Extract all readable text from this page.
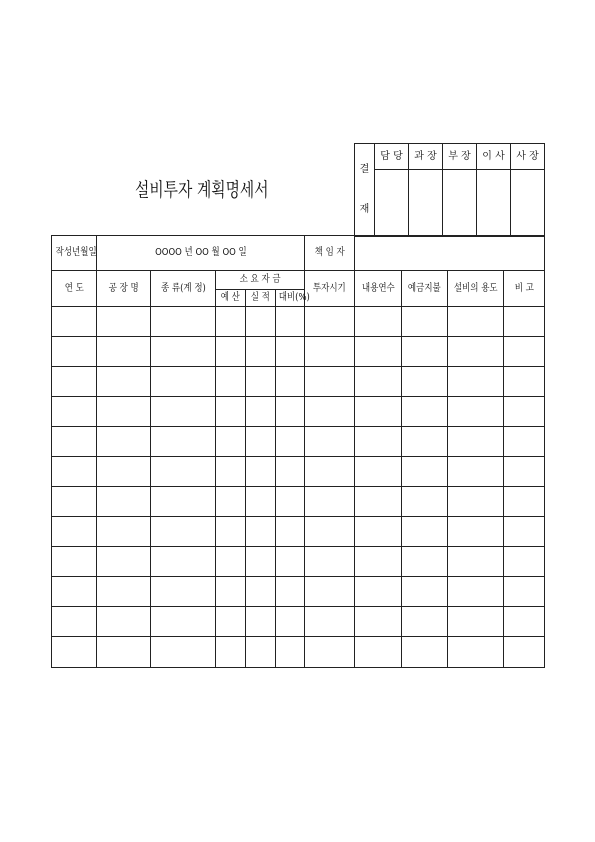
설비투자 계획명세서
결
재	담 당	과 장	부 장	이 사	사 장

작성년월일	OOOO 년 OO 월 OO 일					책 임 자				
연 도	공 장 명	종 류(계 정)	소 요 자 금			투자시기	내용연수	예금지불	설비의 용도	비 고
			예 산	실 적	대비(%)					
